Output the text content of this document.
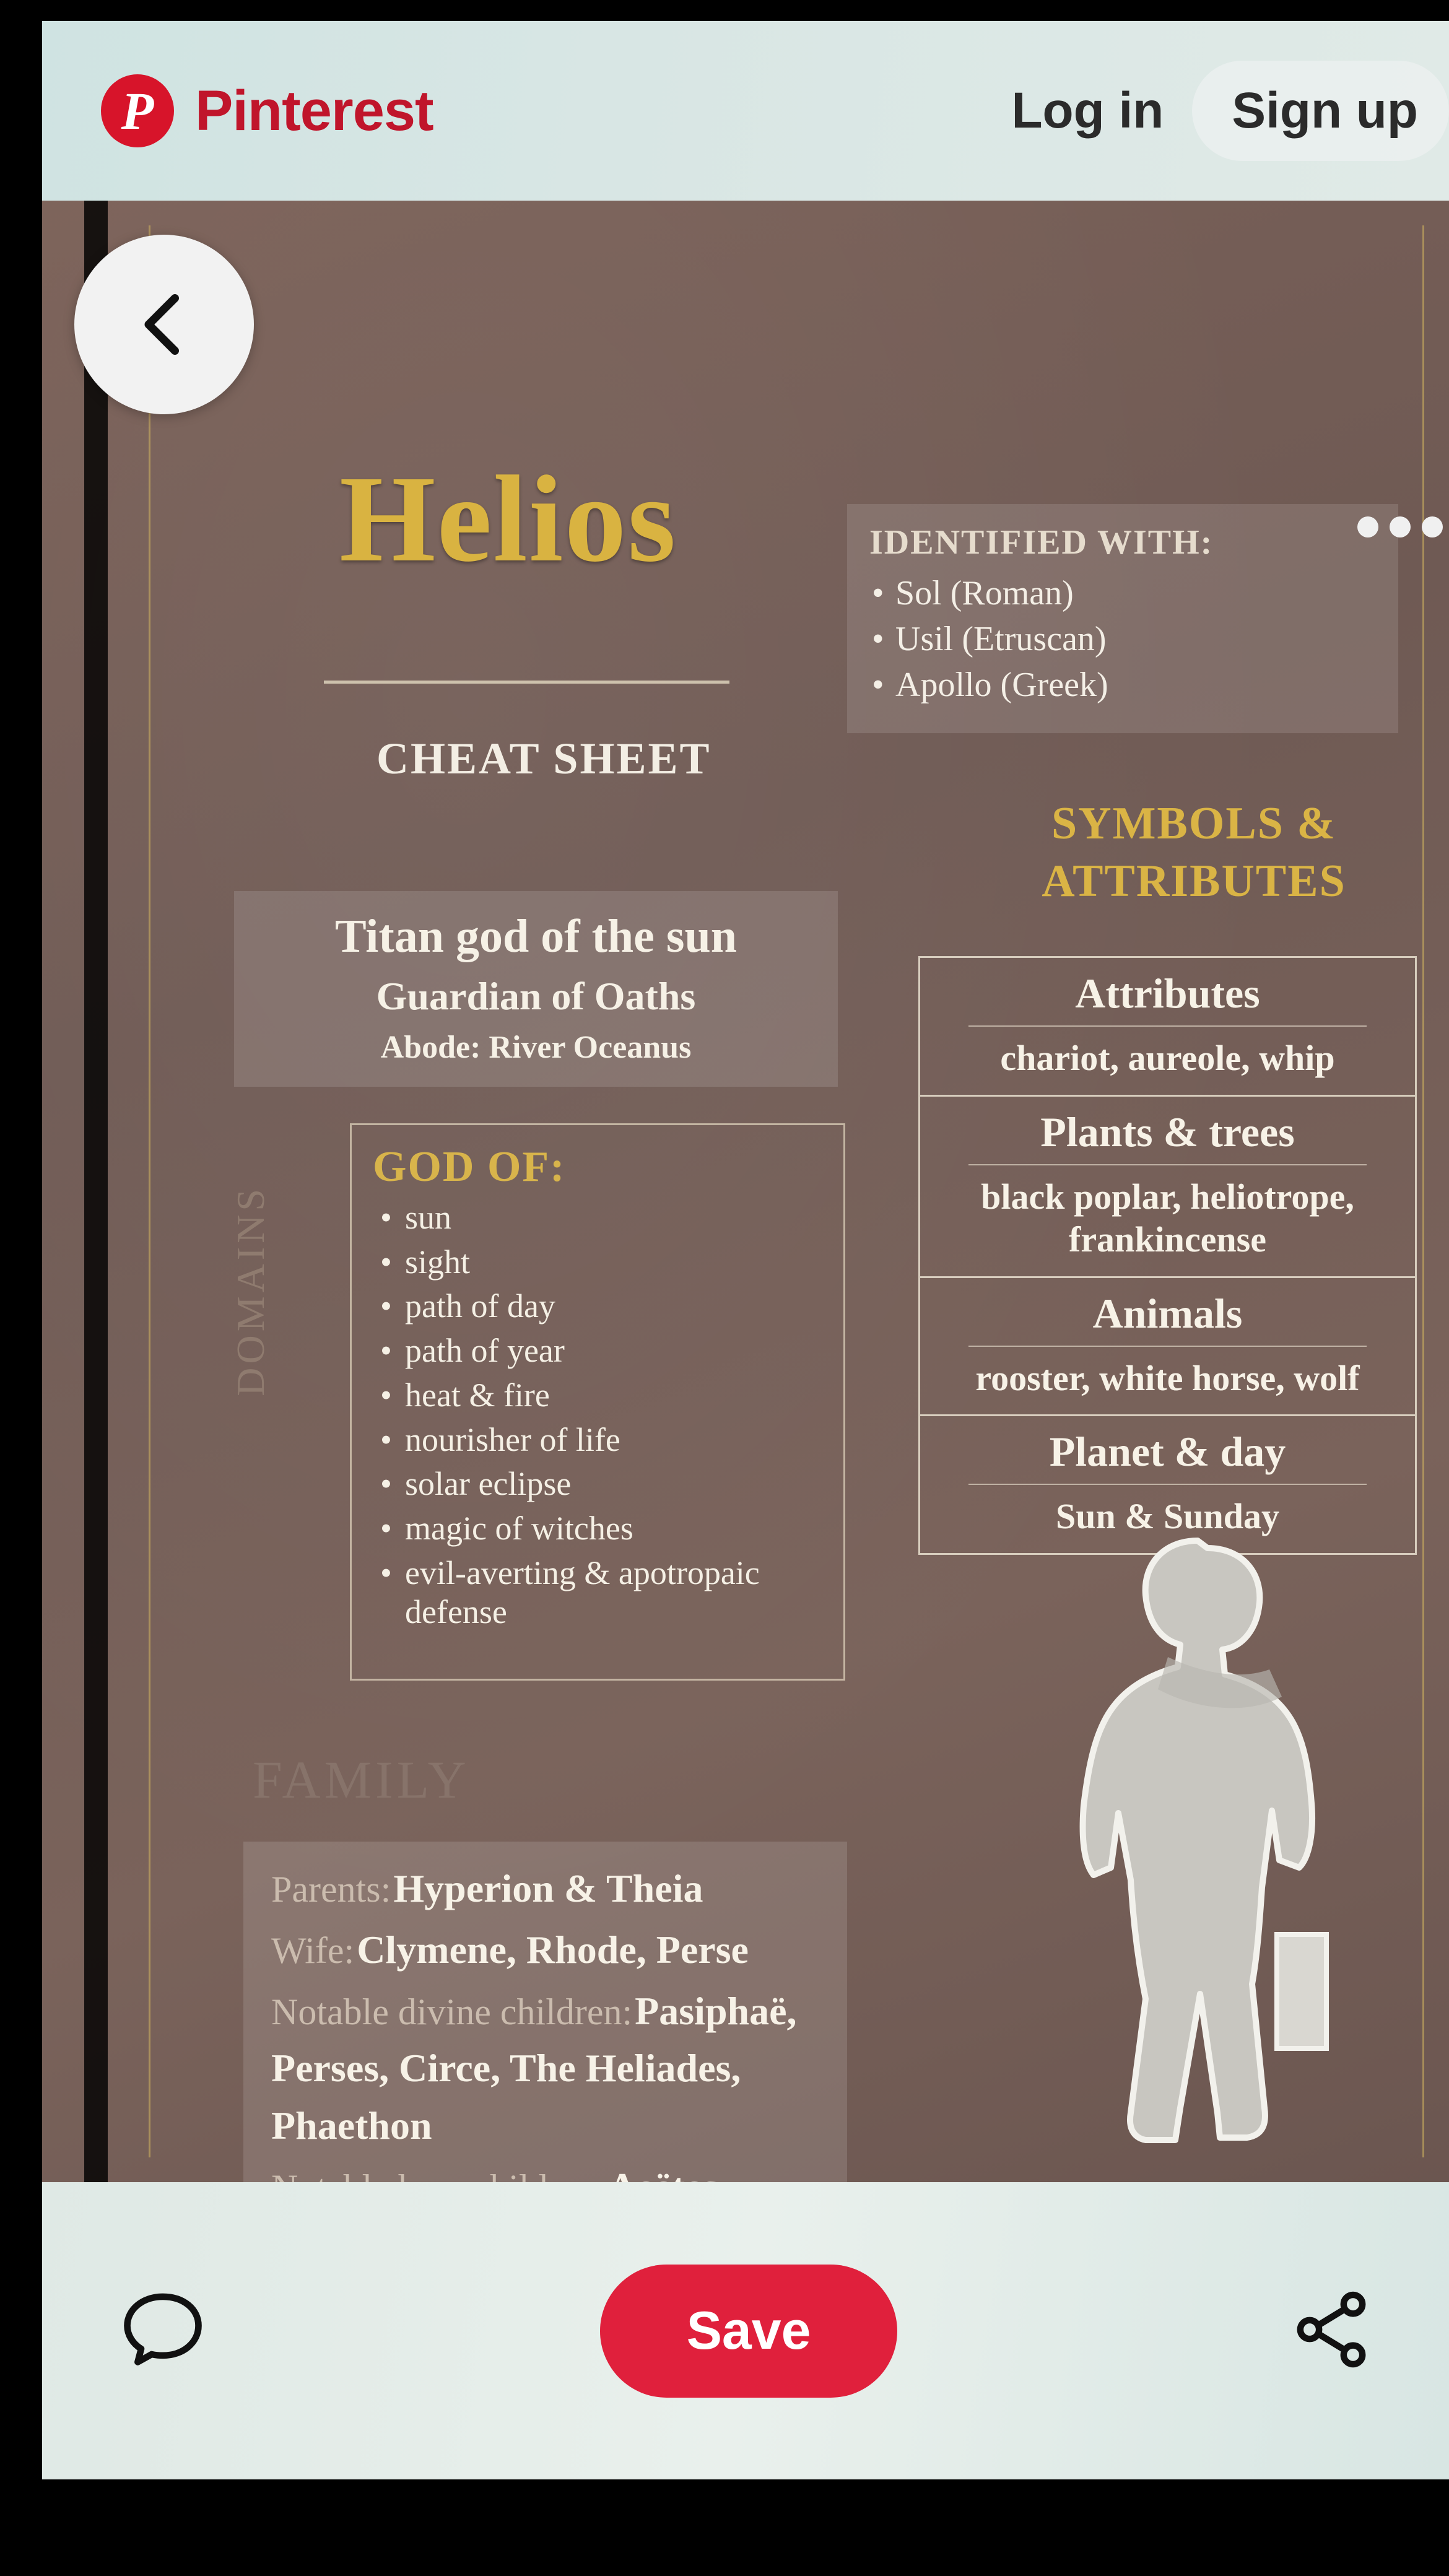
P Pinterest	Log in	Sign up
Helios
CHEAT SHEET
IDENTIFIED WITH:
• Sol (Roman)
• Usil (Etruscan)
• Apollo (Greek)
SYMBOLS & ATTRIBUTES
Titan god of the sun
Guardian of Oaths
Abode: River Oceanus
DOMAINS
GOD OF:
• sun
• sight
• path of day
• path of year
• heat & fire
• nourisher of life
• solar eclipse
• magic of witches
• evil-averting & apotropaic defense
Attributes
chariot, aureole, whip
Plants & trees
black poplar, heliotrope, frankincense
Animals
rooster, white horse, wolf
Planet & day
Sun & Sunday
FAMILY

Parents: Hyperion & Theia

Wife: Clymene, Rhode, Perse

Notable divine children: Pasiphaë, Perses, Circe, The Heliades, Phaethon

Save
